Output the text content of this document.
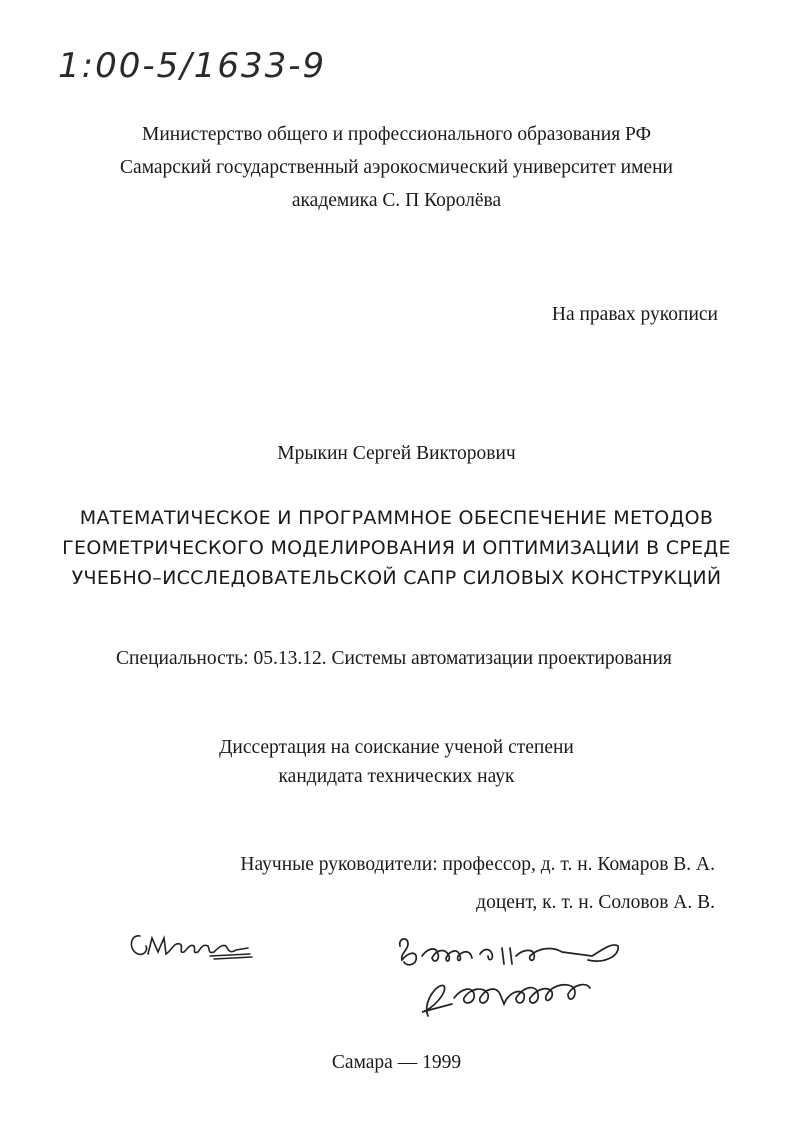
1:00-5/1633-9
Министерство общего и профессионального образования РФ
Самарский государственный аэрокосмический университет имени
академика С. П Королёва
На правах рукописи
Мрыкин Сергей Викторович
МАТЕМАТИЧЕСКОЕ И ПРОГРАММНОЕ ОБЕСПЕЧЕНИЕ МЕТОДОВ
ГЕОМЕТРИЧЕСКОГО МОДЕЛИРОВАНИЯ И ОПТИМИЗАЦИИ В СРЕДЕ
УЧЕБНО–ИССЛЕДОВАТЕЛЬСКОЙ САПР СИЛОВЫХ КОНСТРУКЦИЙ
Специальность: 05.13.12. Системы автоматизации проектирования
Диссертация на соискание ученой степени
кандидата технических наук
Научные руководители: профессор, д. т. н. Комаров В. А.
доцент, к. т. н. Соловов А. В.
Самара — 1999
